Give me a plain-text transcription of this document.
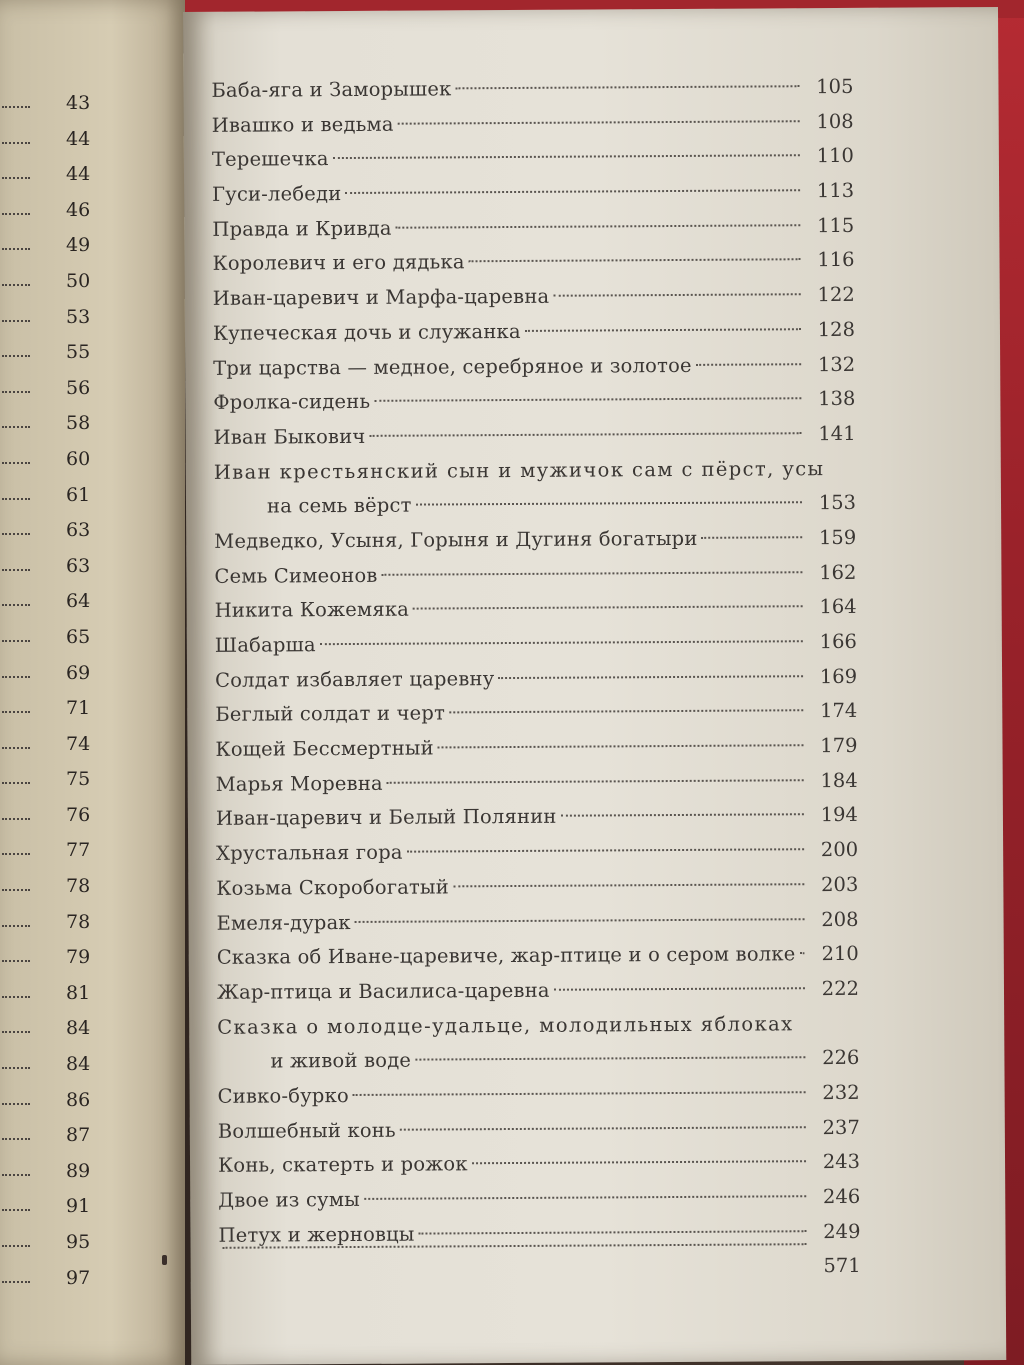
43
44
44
46
49
50
53
55
56
58
60
61
63
63
64
65
69
71
74
75
76
77
78
78
79
81
84
84
86
87
89
91
95
97
Баба-яга и Заморышек	105
Ивашко и ведьма	108
Терешечка	110
Гуси-лебеди	113
Правда и Кривда	115
Королевич и его дядька	116
Иван-царевич и Марфа-царевна	122
Купеческая дочь и служанка	128
Три царства — медное, серебряное и золотое	132
Фролка-сидень	138
Иван Быкович	141
Иван крестьянский сын и мужичок сам с пёрст, усы
на семь вёрст	153
Медведко, Усыня, Горыня и Дугиня богатыри	159
Семь Симеонов	162
Никита Кожемяка	164
Шабарша	166
Солдат избавляет царевну	169
Беглый солдат и черт	174
Кощей Бессмертный	179
Марья Моревна	184
Иван-царевич и Белый Полянин	194
Хрустальная гора	200
Козьма Скоробогатый	203
Емеля-дурак	208
Сказка об Иване-царевиче, жар-птице и о сером волке 210
Жар-птица и Василиса-царевна	222
Сказка о молодце-удальце, молодильных яблоках
и живой воде	226
Сивко-бурко	232
Волшебный конь	237
Конь, скатерть и рожок	243
Двое из сумы	246
Петух и жерновцы	249
571
